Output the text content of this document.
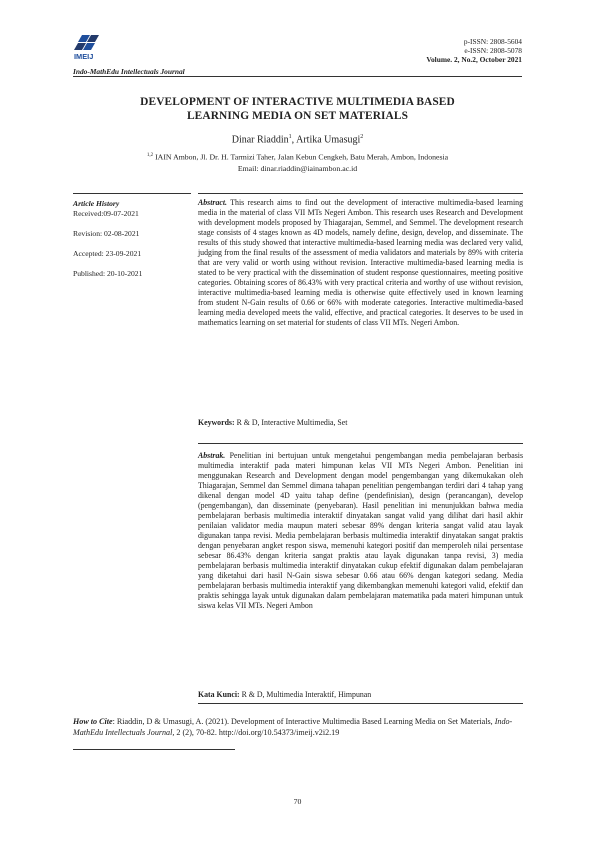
IMEIJ
Indo-MathEdu Intellectuals Journal
p-ISSN: 2808-5604
e-ISSN: 2808-5078
Volume. 2, No.2, October 2021
DEVELOPMENT OF INTERACTIVE MULTIMEDIA BASED
LEARNING MEDIA ON SET MATERIALS
Dinar Riaddin$^1$, Artika Umasugi$^2$
$^{1,2}$ IAIN Ambon, Jl. Dr. H. Tarmizi Taher, Jalan Kebun Cengkeh, Batu Merah, Ambon, Indonesia
Email: dinar.riaddin@iainambon.ac.id

Article History

Received:09-07-2021

Revision: 02-08-2021

Accepted: 23-09-2021

Published: 20-10-2021

Abstract. This research aims to find out the development of interactive multimedia-based learning media in the material of class VII MTs Negeri Ambon. This research uses Research and Development with development models proposed by Thiagarajan, Semmel, and Semmel. The development research stage consists of 4 stages known as 4D models, namely define, design, develop, and disseminate. The results of this study showed that interactive multimedia-based learning media was declared very valid, judging from the final results of the assessment of media validators and materials by 89% with criteria that are very valid or worth using without revision. Interactive multimedia-based learning media is stated to be very practical with the dissemination of student response questionnaires, meeting positive categories. Obtaining scores of 86.43% with very practical criteria and worthy of use without revision, interactive multimedia-based learning media is otherwise quite effectively used in known learning from student N-Gain results of 0.66 or 66% with moderate categories. Interactive multimedia-based learning media developed meets the valid, effective, and practical categories. It deserves to be used in mathematics learning on set material for students of class VII MTs. Negeri Ambon.
Keywords: R & D, Interactive Multimedia, Set
Abstrak. Penelitian ini bertujuan untuk mengetahui pengembangan media pembelajaran berbasis multimedia interaktif pada materi himpunan kelas VII MTs Negeri Ambon. Penelitian ini menggunakan Research and Development dengan model pengembangan yang dikemukakan oleh Thiagarajan, Semmel dan Semmel dimana tahapan penelitian pengembangan terdiri dari 4 tahap yang dikenal dengan model 4D yaitu tahap define (pendefinisian), design (perancangan), develop (pengembangan), dan disseminate (penyebaran). Hasil penelitian ini menunjukkan bahwa media pembelajaran berbasis multimedia interaktif dinyatakan sangat valid yang dilihat dari hasil akhir penilaian validator media maupun materi sebesar 89% dengan kriteria sangat valid atau layak digunakan tanpa revisi. Media pembelajaran berbasis multimedia interaktif dinyatakan sangat praktis dengan penyebaran angket respon siswa, memenuhi kategori positif dan memperoleh nilai persentase sebesar 86.43% dengan kriteria sangat praktis atau layak digunakan tanpa revisi, 3) media pembelajaran berbasis multimedia interaktif dinyatakan cukup efektif digunakan dalam pembelajaran yang diketahui dari hasil N-Gain siswa sebesar 0.66 atau 66% dengan kategori sedang. Media pembelajaran berbasis multimedia interaktif yang dikembangkan memenuhi kategori valid, efektif dan praktis sehingga layak untuk digunakan dalam pembelajaran matematika pada materi himpunan untuk siswa kelas VII MTs. Negeri Ambon
Kata Kunci: R & D, Multimedia Interaktif, Himpunan
How to Cite: Riaddin, D & Umasugi, A. (2021). Development of Interactive Multimedia Based Learning Media on Set Materials, Indo-MathEdu Intellectuals Journal, 2 (2), 70-82. http://doi.org/10.54373/imeij.v2i2.19
70
